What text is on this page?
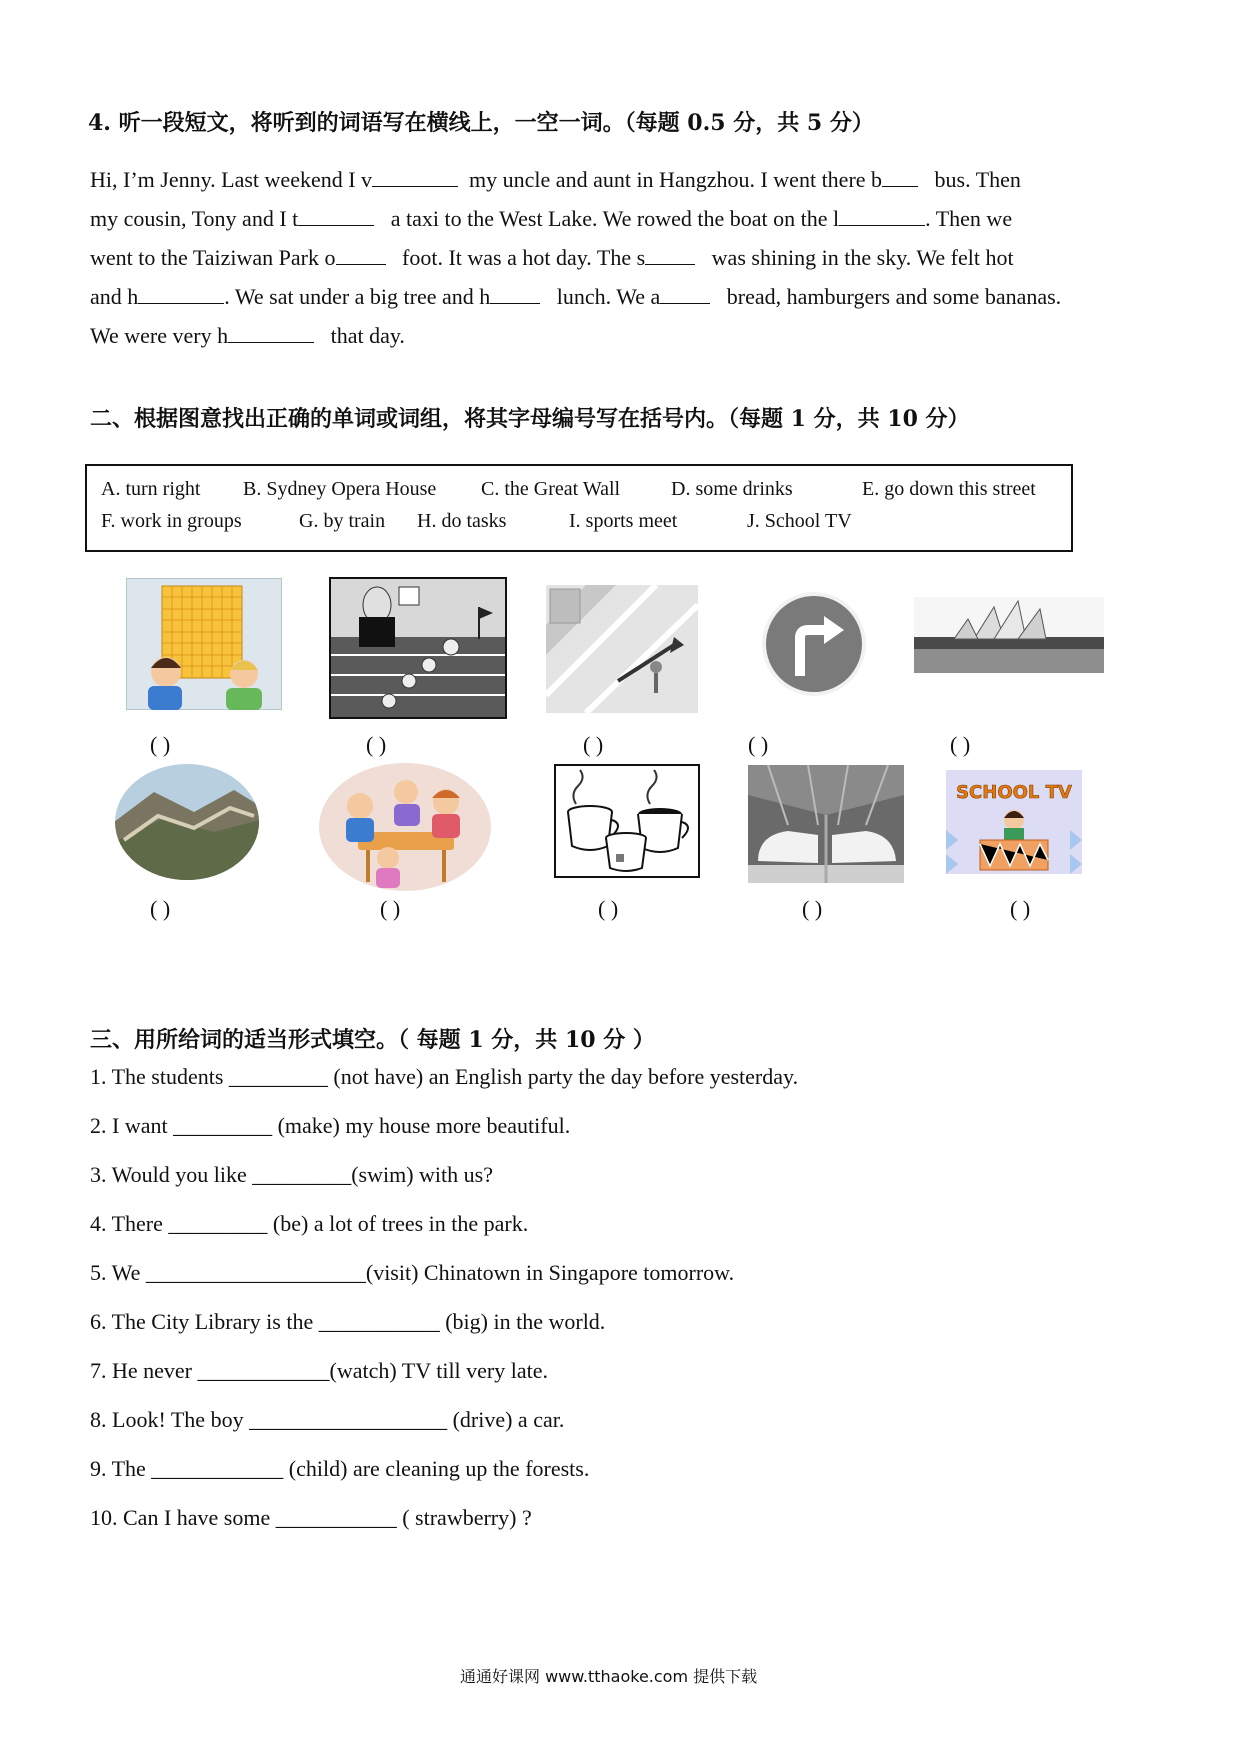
4. 听一段短文，将听到的词语写在横线上，一空一词。（每题 0.5 分，共 5 分）
Hi, I’m Jenny. Last weekend I v	my uncle and aunt in Hangzhou. I went there b bus. Then
my cousin, Tony and I t	a taxi to the West Lake. We rowed the boat on the l	. Then we
went to the Taiziwan Park o	foot. It was a hot day. The s	was shining in the sky. We felt hot
and h	. We sat under a big tree and h	lunch. We a	bread, hamburgers and some bananas.
We were very h	that day.
二、根据图意找出正确的单词或词组，将其字母编号写在括号内。（每题 1 分，共 10 分）
A. turn right B. Sydney Opera House C. the Great Wall	D. some drinks	E. go down this street
F. work in groups	G. by train H. do tasks	I. sports meet	J. School TV
( )	( )	( )	( )	( )
SCHOOL TV
( )	( )	( )	( )	( )
三、用所给词的适当形式填空。（ 每题 1 分，共 10 分 ）
1. The students _________ (not have) an English party the day before yesterday.
2. I want _________ (make) my house more beautiful.
3. Would you like _________(swim) with us?
4. There _________ (be) a lot of trees in the park.
5. We ____________________(visit) Chinatown in Singapore tomorrow.
6. The City Library is the ___________ (big) in the world.
7. He never ____________(watch) TV till very late.
8. Look! The boy __________________ (drive) a car.
9. The ____________ (child) are cleaning up the forests.
10. Can I have some ___________ ( strawberry) ?
通通好课网 www.tthaoke.com 提供下载
